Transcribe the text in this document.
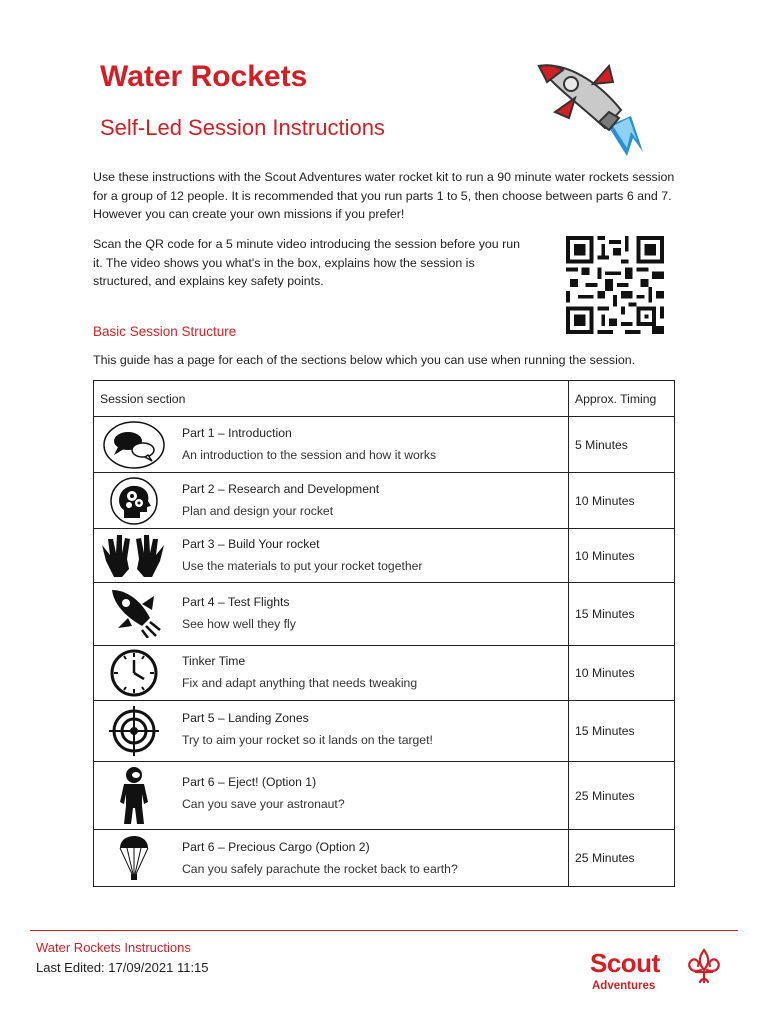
Water Rockets
Self-Led Session Instructions

Use these instructions with the Scout Adventures water rocket kit to run a 90 minute water rockets session for a group of 12 people. It is recommended that you run parts 1 to 5, then choose between parts 6 and 7. However you can create your own missions if you prefer!

Scan the QR code for a 5 minute video introducing the session before you run it. The video shows you what's in the box, explains how the session is structured, and explains key safety points.

Basic Session Structure

This guide has a page for each of the sections below which you can use when running the session.

Session section	Approx. Timing

Part 1 – Introduction
An introduction to the session and how it works	5 Minutes

Part 2 – Research and Development
Plan and design your rocket	10 Minutes

Part 3 – Build Your rocket
Use the materials to put your rocket together	10 Minutes

Part 4 – Test Flights
See how well they fly	15 Minutes

Tinker Time
Fix and adapt anything that needs tweaking	10 Minutes

Part 5 – Landing Zones
Try to aim your rocket so it lands on the target!	15 Minutes

Part 6 – Eject! (Option 1)
Can you save your astronaut?	25 Minutes

Part 6 – Precious Cargo (Option 2)
Can you safely parachute the rocket back to earth?	25 Minutes
Water Rockets Instructions
Last Edited: 17/09/2021 11:15	Scout
Adventures
